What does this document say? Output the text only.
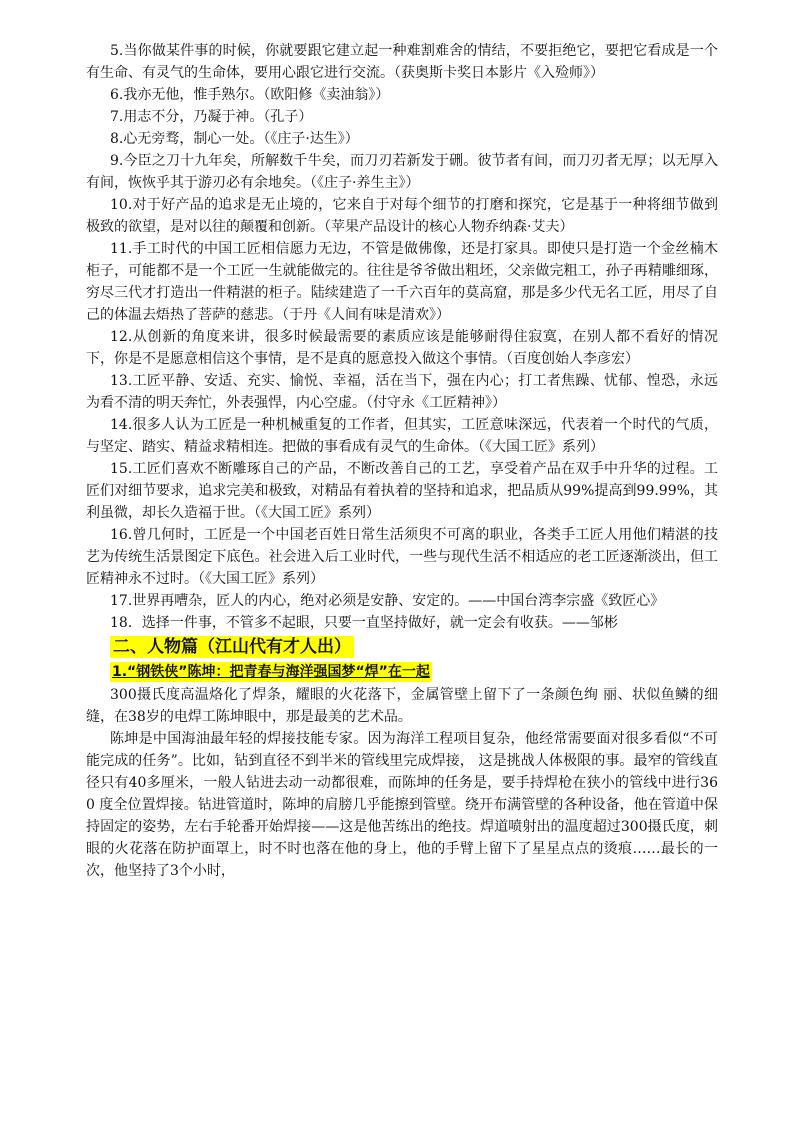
5.当你做某件事的时候，你就要跟它建立起一种难割难舍的情结，不要拒绝它，要把它看成是一个有生命、有灵气的生命体，要用心跟它进行交流。（获奥斯卡奖日本影片《入殓师》）

6.我亦无他，惟手熟尔。（欧阳修《卖油翁》）

7.用志不分，乃凝于神。（孔子）

8.心无旁骛，制心一处。（《庄子·达生》）

9.今臣之刀十九年矣，所解数千牛矣，而刀刃若新发于硎。彼节者有间，而刀刃者无厚；以无厚入有间，恢恢乎其于游刃必有余地矣。（《庄子·养生主》）

10.对于好产品的追求是无止境的，它来自于对每个细节的打磨和探究，它是基于一种将细节做到极致的欲望，是对以往的颠覆和创新。（苹果产品设计的核心人物乔纳森·艾夫）

11.手工时代的中国工匠相信愿力无边，不管是做佛像，还是打家具。即使只是打造一个金丝楠木柜子，可能都不是一个工匠一生就能做完的。往往是爷爷做出粗坯，父亲做完粗工，孙子再精雕细琢，穷尽三代才打造出一件精湛的柜子。陆续建造了一千六百年的莫高窟，那是多少代无名工匠，用尽了自己的体温去焐热了菩萨的慈悲。（于丹《人间有味是清欢》）

12.从创新的角度来讲，很多时候最需要的素质应该是能够耐得住寂寞，在别人都不看好的情况下，你是不是愿意相信这个事情，是不是真的愿意投入做这个事情。（百度创始人李彦宏）

13.工匠平静、安适、充实、愉悦、幸福，活在当下，强在内心；打工者焦躁、忧郁、惶恐，永远为看不清的明天奔忙，外表强悍，内心空虚。（付守永《工匠精神》）

14.很多人认为工匠是一种机械重复的工作者，但其实，工匠意味深远，代表着一个时代的气质，与坚定、踏实、精益求精相连。把做的事看成有灵气的生命体。（《大国工匠》系列）

15.工匠们喜欢不断雕琢自己的产品，不断改善自己的工艺，享受着产品在双手中升华的过程。工匠们对细节要求，追求完美和极致，对精品有着执着的坚持和追求，把品质从99%提高到99.99%，其利虽微，却长久造福于世。（《大国工匠》系列）

16.曾几何时，工匠是一个中国老百姓日常生活须臾不可离的职业，各类手工匠人用他们精湛的技艺为传统生活景图定下底色。社会进入后工业时代，一些与现代生活不相适应的老工匠逐渐淡出，但工匠精神永不过时。（《大国工匠》系列）

17.世界再嘈杂，匠人的内心，绝对必须是安静、安定的。——中国台湾李宗盛《致匠心》

18．选择一件事，不管多不起眼，只要一直坚持做好，就一定会有收获。——邹彬

二、人物篇（江山代有才人出）
1.“钢铁侠”陈坤：把青春与海洋强国梦“焊”在一起

300摄氏度高温烙化了焊条，耀眼的火花落下，金属管壁上留下了一条颜色绚 丽、状似鱼鳞的细缝，在38岁的电焊工陈坤眼中，那是最美的艺术品。

陈坤是中国海油最年轻的焊接技能专家。因为海洋工程项目复杂，他经常需要面对很多看似“不可能完成的任务”。比如，钻到直径不到半米的管线里完成焊接， 这是挑战人体极限的事。最窄的管线直径只有40多厘米，一般人钻进去动一动都很难，而陈坤的任务是，要手持焊枪在狭小的管线中进行360 度全位置焊接。钻进管道时，陈坤的肩膀几乎能擦到管壁。绕开布满管壁的各种设备，他在管道中保持固定的姿势，左右手轮番开始焊接——这是他苦练出的绝技。焊道喷射出的温度超过300摄氏度，刺眼的火花落在防护面罩上，时不时也落在他的身上，他的手臂上留下了星星点点的烫痕……最长的一次，他坚持了3个小时，
